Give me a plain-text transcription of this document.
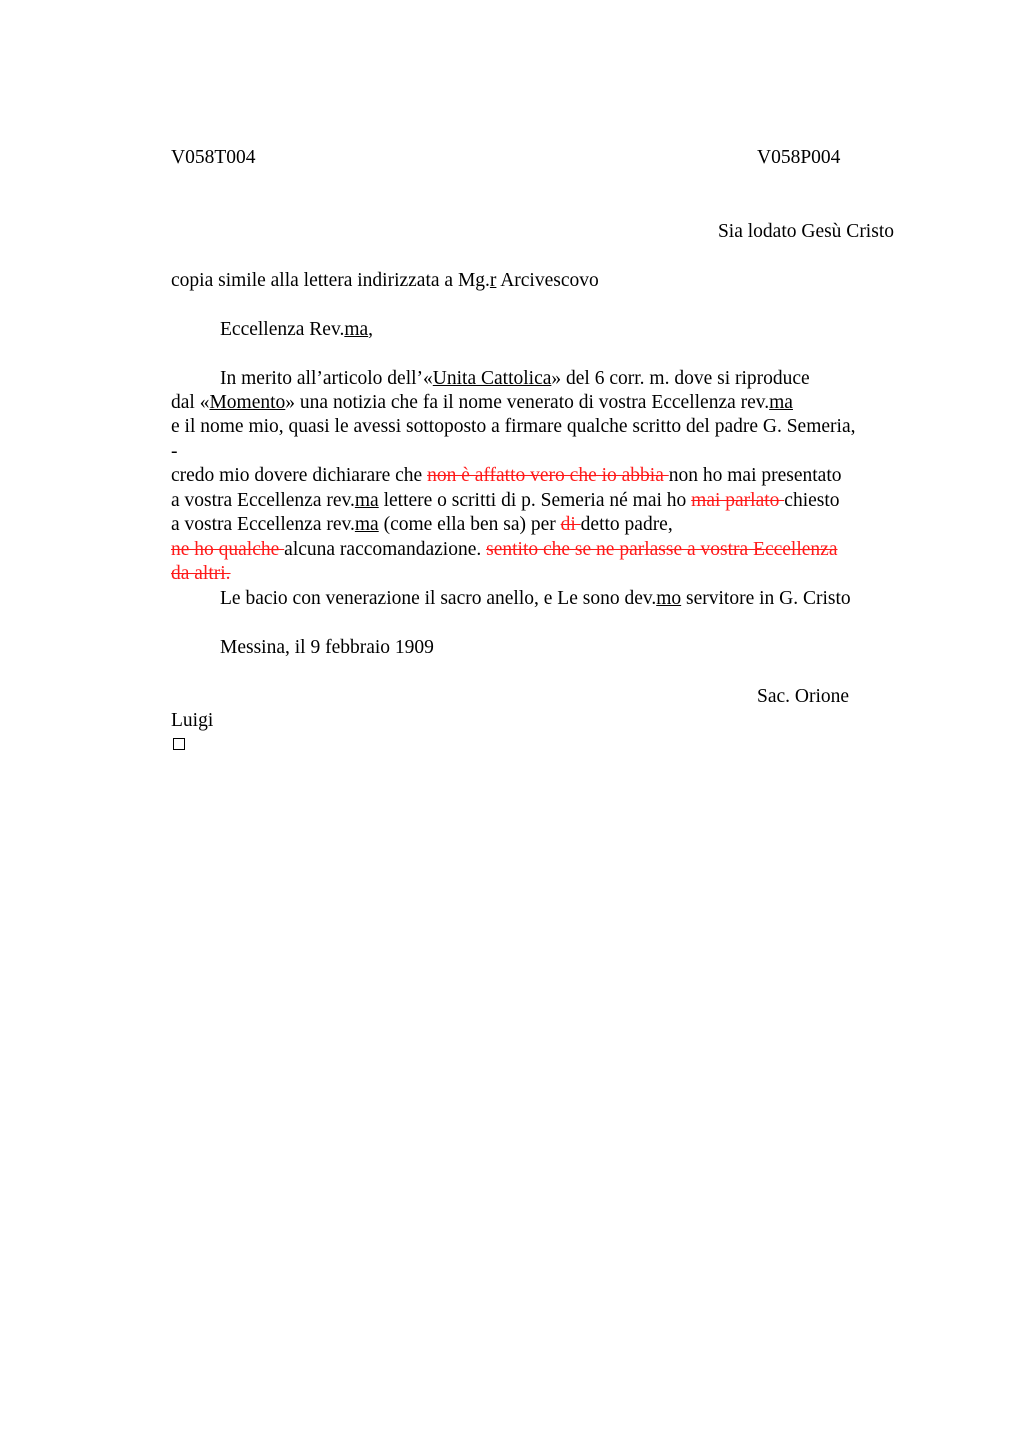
V058T004	V058P004
Sia lodato Gesù Cristo
copia simile alla lettera indirizzata a Mg.r Arcivescovo
Eccellenza Rev.ma,
In merito all’articolo dell’«Unita Cattolica» del 6 corr. m. dove si riproduce
dal «Momento» una notizia che fa il nome venerato di vostra Eccellenza rev.ma
e il nome mio, quasi le avessi sottoposto a firmare qualche scritto del padre G. Semeria,
-
credo mio dovere dichiarare che non è affatto vero che io abbia non ho mai presentato
a vostra Eccellenza rev.ma lettere o scritti di p. Semeria né mai ho mai parlato chiesto
a vostra Eccellenza rev.ma (come ella ben sa) per di detto padre,
ne ho qualche alcuna raccomandazione. sentito che se ne parlasse a vostra Eccellenza
da altri.
Le bacio con venerazione il sacro anello, e Le sono dev.mo servitore in G. Cristo
Messina, il 9 febbraio 1909
Sac. Orione
Luigi
